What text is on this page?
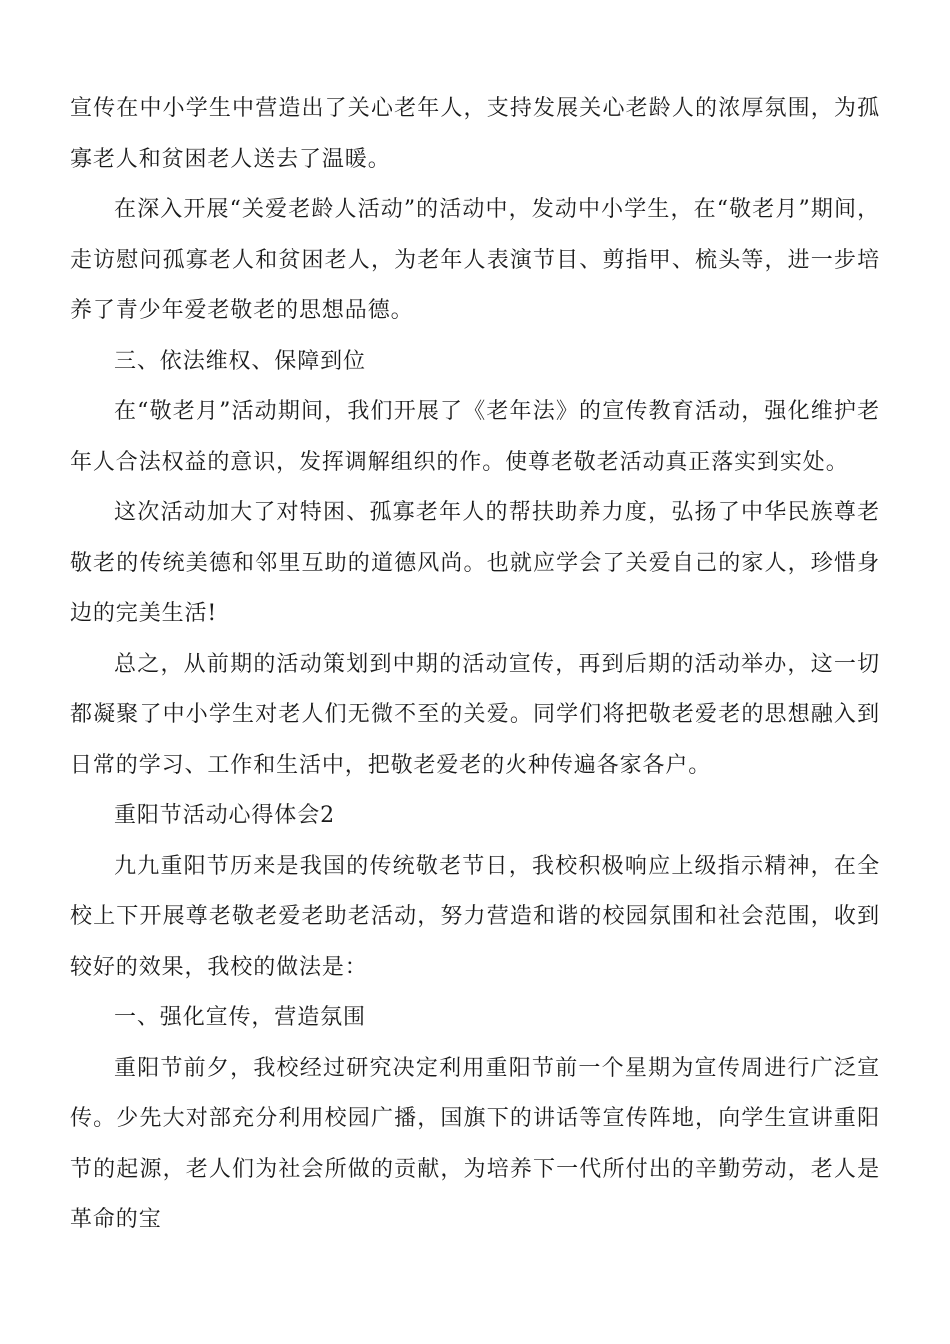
宣传在中小学生中营造出了关心老年人，支持发展关心老龄人的浓厚氛围，为孤寡老人和贫困老人送去了温暖。

在深入开展“关爱老龄人活动”的活动中，发动中小学生，在“敬老月”期间，走访慰问孤寡老人和贫困老人，为老年人表演节目、剪指甲、梳头等，进一步培养了青少年爱老敬老的思想品德。

三、依法维权、保障到位

在“敬老月”活动期间，我们开展了《老年法》的宣传教育活动，强化维护老年人合法权益的意识，发挥调解组织的作。使尊老敬老活动真正落实到实处。

这次活动加大了对特困、孤寡老年人的帮扶助养力度，弘扬了中华民族尊老敬老的传统美德和邻里互助的道德风尚。也就应学会了关爱自己的家人，珍惜身边的完美生活!

总之，从前期的活动策划到中期的活动宣传，再到后期的活动举办，这一切都凝聚了中小学生对老人们无微不至的关爱。同学们将把敬老爱老的思想融入到日常的学习、工作和生活中，把敬老爱老的火种传遍各家各户。

重阳节活动心得体会2

九九重阳节历来是我国的传统敬老节日，我校积极响应上级指示精神，在全校上下开展尊老敬老爱老助老活动，努力营造和谐的校园氛围和社会范围，收到较好的效果，我校的做法是：

一、强化宣传，营造氛围

重阳节前夕，我校经过研究决定利用重阳节前一个星期为宣传周进行广泛宣传。少先大对部充分利用校园广播，国旗下的讲话等宣传阵地，向学生宣讲重阳节的起源，老人们为社会所做的贡献，为培养下一代所付出的辛勤劳动，老人是革命的宝
